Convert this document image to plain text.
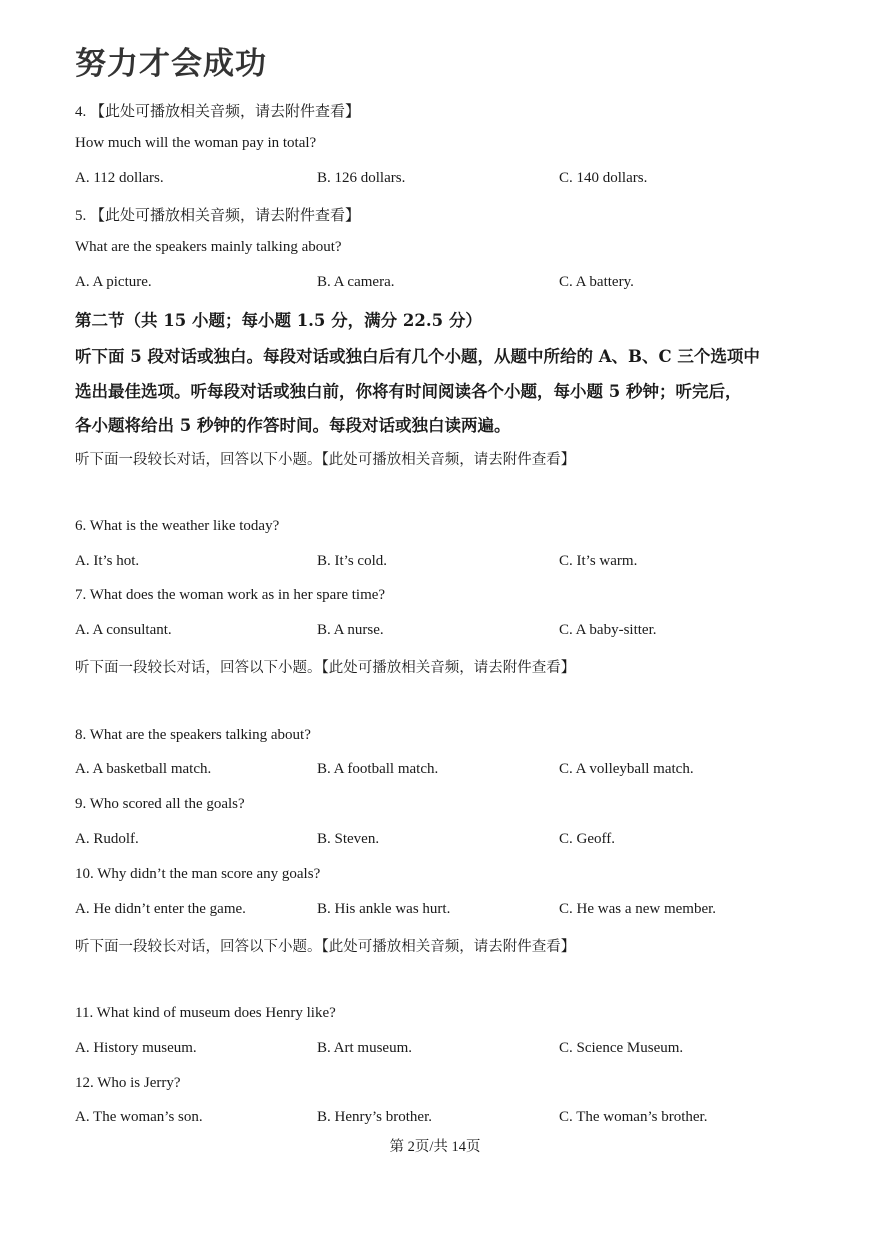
努力才会成功
4. 【此处可播放相关音频，请去附件查看】
How much will the woman pay in total?
A. 112 dollars.	B. 126 dollars.	C. 140 dollars.
5. 【此处可播放相关音频，请去附件查看】
What are the speakers mainly talking about?
A. A picture.	B. A camera.	C. A battery.
第二节（共 15 小题；每小题 1.5 分，满分 22.5 分）
听下面 5 段对话或独白。每段对话或独白后有几个小题，从题中所给的 A、B、C 三个选项中
选出最佳选项。听每段对话或独白前，你将有时间阅读各个小题，每小题 5 秒钟；听完后，
各小题将给出 5 秒钟的作答时间。每段对话或独白读两遍。
听下面一段较长对话，回答以下小题。【此处可播放相关音频，请去附件查看】
6. What is the weather like today?
A. It’s hot.	B. It’s cold.	C. It’s warm.
7. What does the woman work as in her spare time?
A. A consultant.	B. A nurse.	C. A baby-sitter.
听下面一段较长对话，回答以下小题。【此处可播放相关音频，请去附件查看】
8. What are the speakers talking about?
A. A basketball match.	B. A football match.	C. A volleyball match.
9. Who scored all the goals?
A. Rudolf.	B. Steven.	C. Geoff.
10. Why didn’t the man score any goals?
A. He didn’t enter the game.	B. His ankle was hurt.	C. He was a new member.
听下面一段较长对话，回答以下小题。【此处可播放相关音频，请去附件查看】
11. What kind of museum does Henry like?
A. History museum.	B. Art museum.	C. Science Museum.
12. Who is Jerry?
A. The woman’s son.	B. Henry’s brother.	C. The woman’s brother.
第 2页/共 14页
